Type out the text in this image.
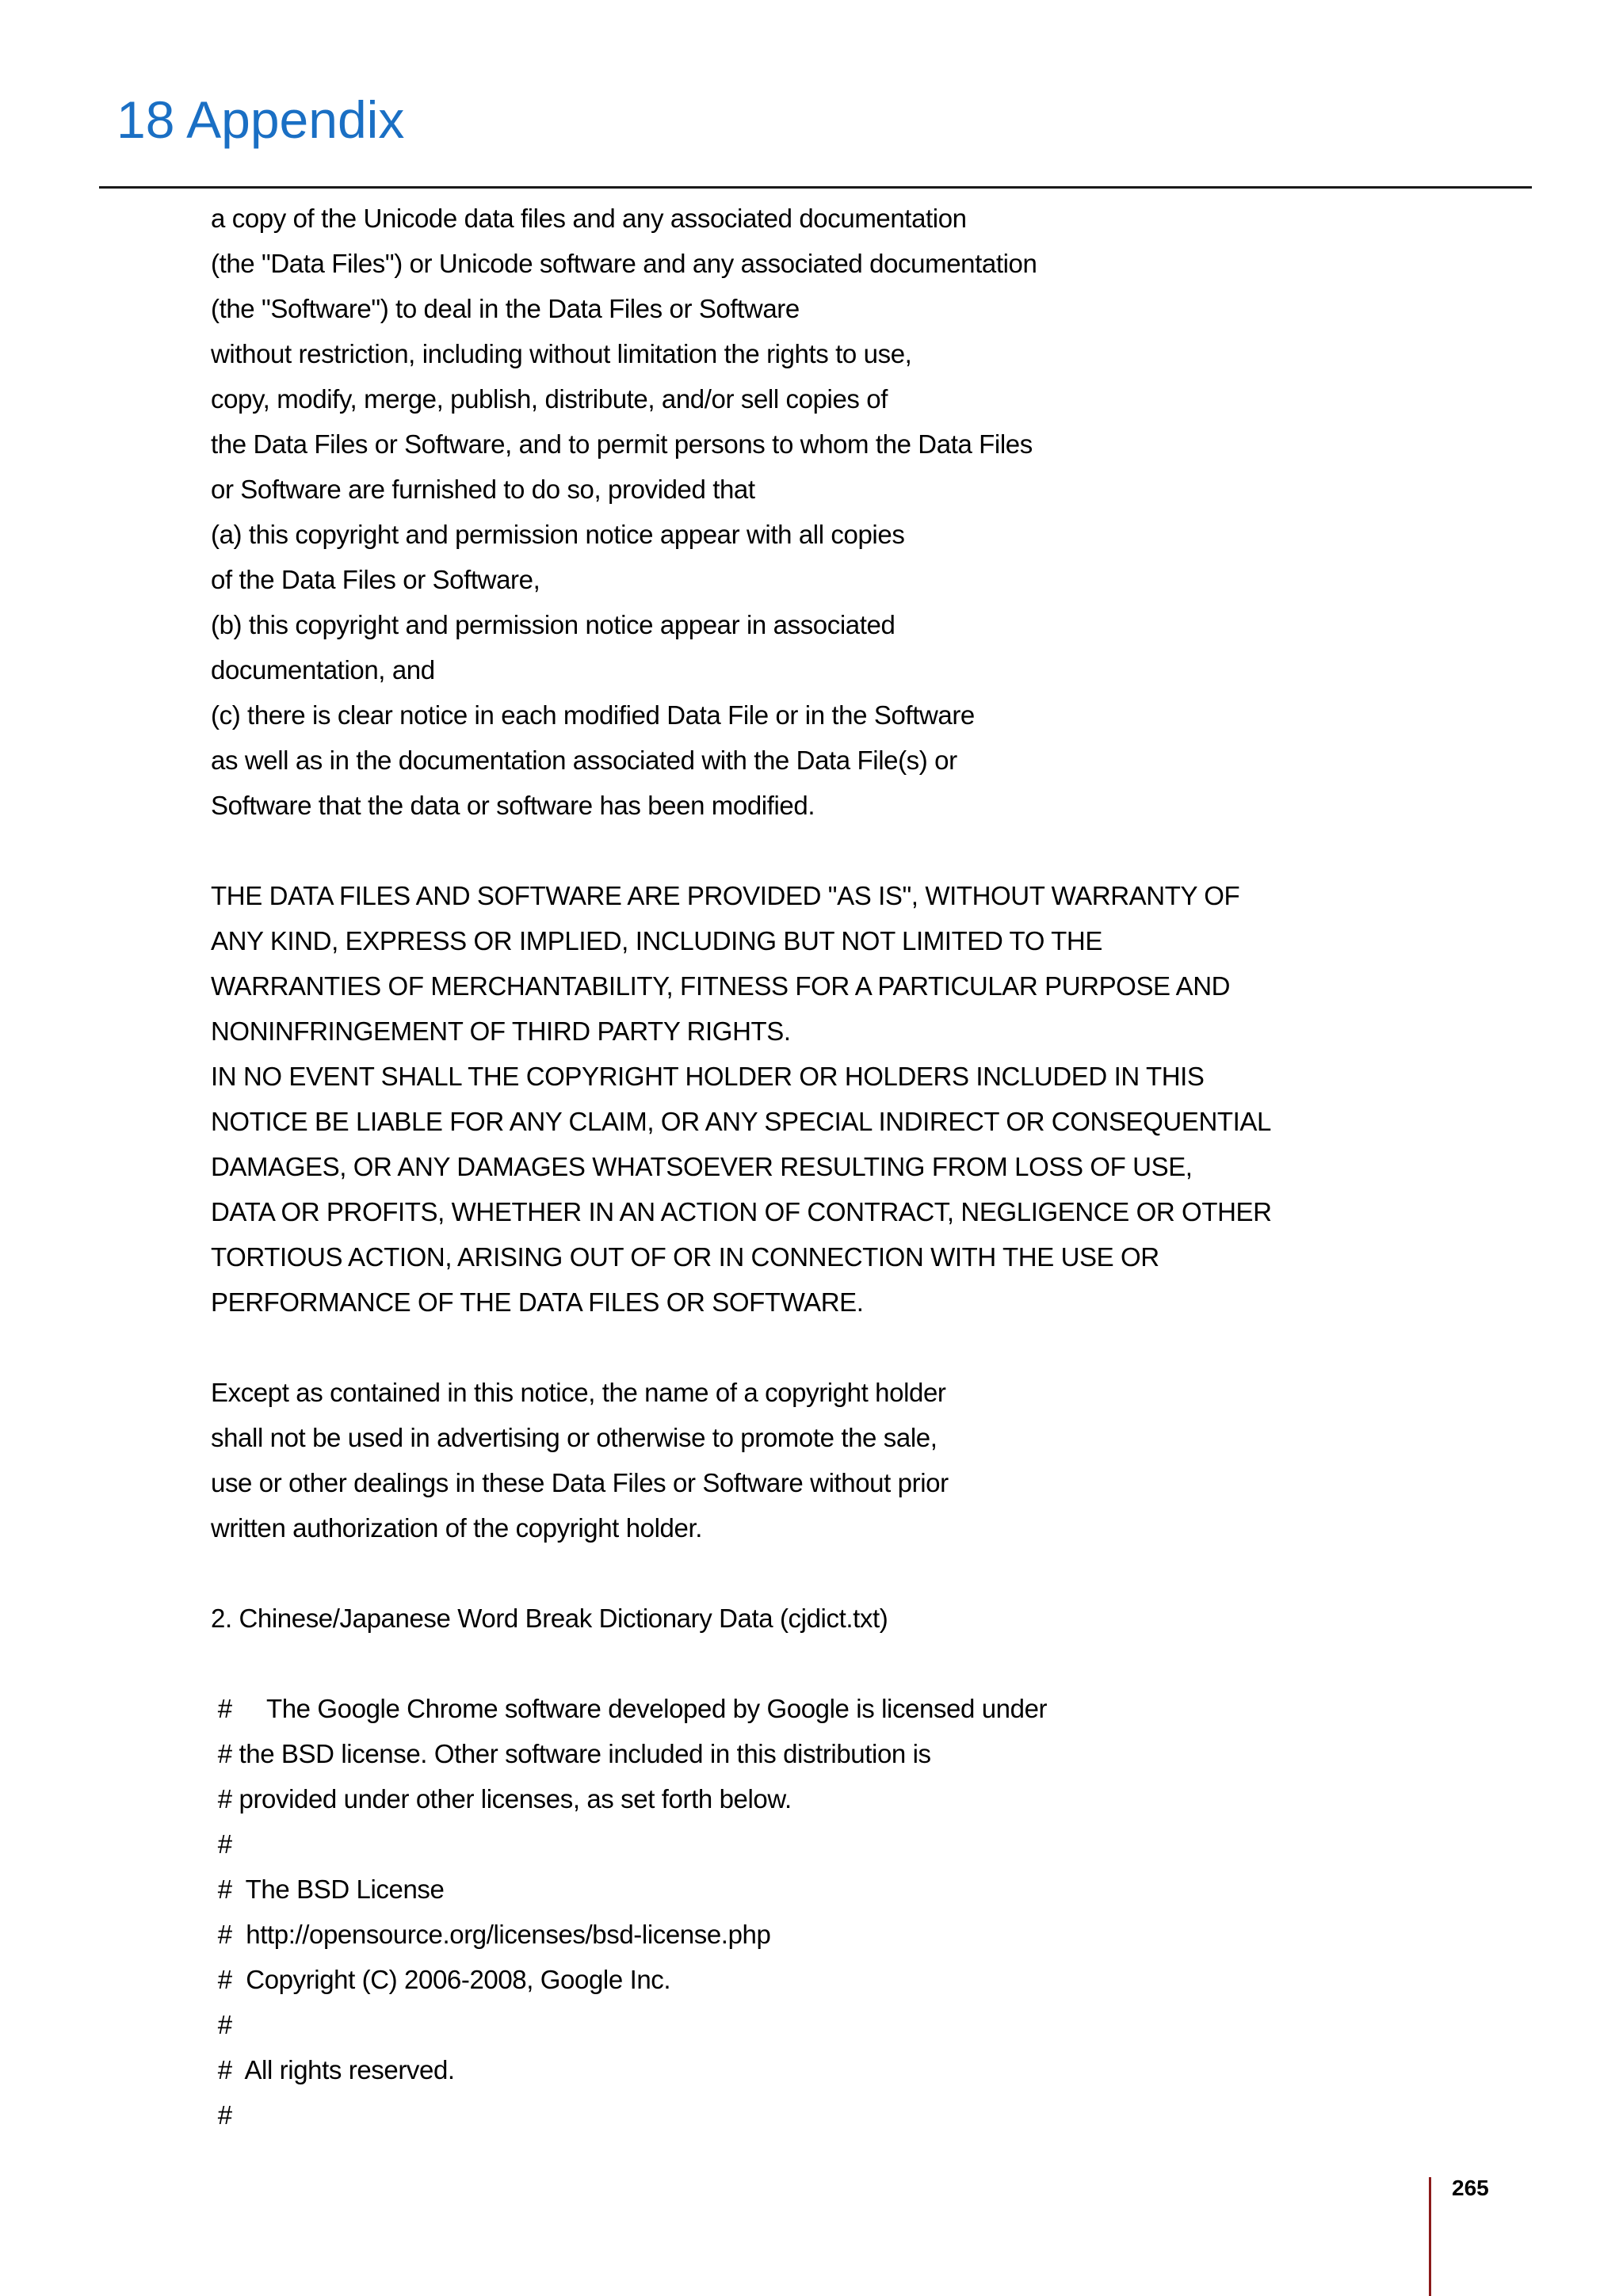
18 Appendix
a copy of the Unicode data files and any associated documentation
(the "Data Files") or Unicode software and any associated documentation
(the "Software") to deal in the Data Files or Software
without restriction, including without limitation the rights to use,
copy, modify, merge, publish, distribute, and/or sell copies of
the Data Files or Software, and to permit persons to whom the Data Files
or Software are furnished to do so, provided that
(a) this copyright and permission notice appear with all copies
of the Data Files or Software,
(b) this copyright and permission notice appear in associated
documentation, and
(c) there is clear notice in each modified Data File or in the Software
as well as in the documentation associated with the Data File(s) or
Software that the data or software has been modified.
THE DATA FILES AND SOFTWARE ARE PROVIDED "AS IS", WITHOUT WARRANTY OF
ANY KIND, EXPRESS OR IMPLIED, INCLUDING BUT NOT LIMITED TO THE
WARRANTIES OF MERCHANTABILITY, FITNESS FOR A PARTICULAR PURPOSE AND
NONINFRINGEMENT OF THIRD PARTY RIGHTS.
IN NO EVENT SHALL THE COPYRIGHT HOLDER OR HOLDERS INCLUDED IN THIS
NOTICE BE LIABLE FOR ANY CLAIM, OR ANY SPECIAL INDIRECT OR CONSEQUENTIAL
DAMAGES, OR ANY DAMAGES WHATSOEVER RESULTING FROM LOSS OF USE,
DATA OR PROFITS, WHETHER IN AN ACTION OF CONTRACT, NEGLIGENCE OR OTHER
TORTIOUS ACTION, ARISING OUT OF OR IN CONNECTION WITH THE USE OR
PERFORMANCE OF THE DATA FILES OR SOFTWARE.
Except as contained in this notice, the name of a copyright holder
shall not be used in advertising or otherwise to promote the sale,
use or other dealings in these Data Files or Software without prior
written authorization of the copyright holder.
2. Chinese/Japanese Word Break Dictionary Data (cjdict.txt)
#     The Google Chrome software developed by Google is licensed under
# the BSD license. Other software included in this distribution is
# provided under other licenses, as set forth below.
#
#  The BSD License
#  http://opensource.org/licenses/bsd-license.php
#  Copyright (C) 2006-2008, Google Inc.
#
#  All rights reserved.
#
265
